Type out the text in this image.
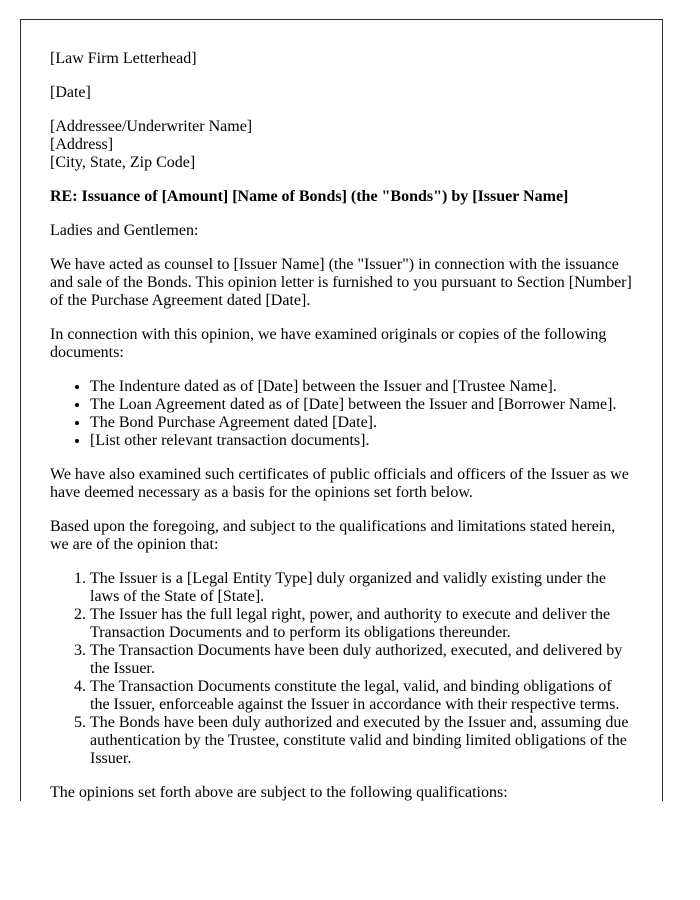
[Law Firm Letterhead]

[Date]

[Addressee/Underwriter Name]
[Address]
[City, State, Zip Code]

RE: Issuance of [Amount] [Name of Bonds] (the "Bonds") by [Issuer Name]

Ladies and Gentlemen:

We have acted as counsel to [Issuer Name] (the "Issuer") in connection with the issuance and sale of the Bonds. This opinion letter is furnished to you pursuant to Section [Number] of the Purchase Agreement dated [Date].

In connection with this opinion, we have examined originals or copies of the following documents:

• The Indenture dated as of [Date] between the Issuer and [Trustee Name].
• The Loan Agreement dated as of [Date] between the Issuer and [Borrower Name].
• The Bond Purchase Agreement dated [Date].
• [List other relevant transaction documents].

We have also examined such certificates of public officials and officers of the Issuer as we have deemed necessary as a basis for the opinions set forth below.

Based upon the foregoing, and subject to the qualifications and limitations stated herein, we are of the opinion that:

1. The Issuer is a [Legal Entity Type] duly organized and validly existing under the laws of the State of [State].
2. The Issuer has the full legal right, power, and authority to execute and deliver the Transaction Documents and to perform its obligations thereunder.
3. The Transaction Documents have been duly authorized, executed, and delivered by the Issuer.
4. The Transaction Documents constitute the legal, valid, and binding obligations of the Issuer, enforceable against the Issuer in accordance with their respective terms.
5. The Bonds have been duly authorized and executed by the Issuer and, assuming due authentication by the Trustee, constitute valid and binding limited obligations of the Issuer.

The opinions set forth above are subject to the following qualifications:
